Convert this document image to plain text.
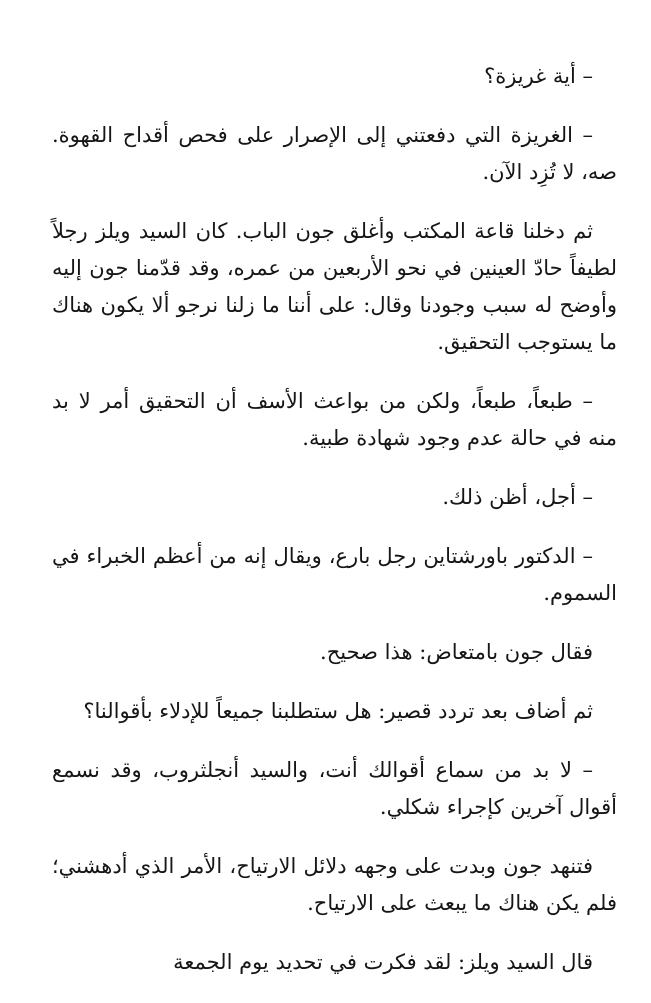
– أية غريزة؟

– الغريزة التي دفعتني إلى الإصرار على فحص أقداح القهوة. صه، لا تُزِد الآن.

ثم دخلنا قاعة المكتب وأغلق جون الباب. كان السيد ويلز رجلاً لطيفاً حادّ العينين في نحو الأربعين من عمره، وقد قدّمنا جون إليه وأوضح له سبب وجودنا وقال: على أننا ما زلنا نرجو ألا يكون هناك ما يستوجب التحقيق.

– طبعاً، طبعاً، ولكن من بواعث الأسف أن التحقيق أمر لا بد منه في حالة عدم وجود شهادة طبية.

– أجل، أظن ذلك.

– الدكتور باورشتاين رجل بارع، ويقال إنه من أعظم الخبراء في السموم.

فقال جون بامتعاض: هذا صحيح.

ثم أضاف بعد تردد قصير: هل ستطلبنا جميعاً للإدلاء بأقوالنا؟

– لا بد من سماع أقوالك أنت، والسيد أنجلثروب، وقد نسمع أقوال آخرين كإجراء شكلي.

فتنهد جون وبدت على وجهه دلائل الارتياح، الأمر الذي أدهشني؛ فلم يكن هناك ما يبعث على الارتياح.

قال السيد ويلز: لقد فكرت في تحديد يوم الجمعة
